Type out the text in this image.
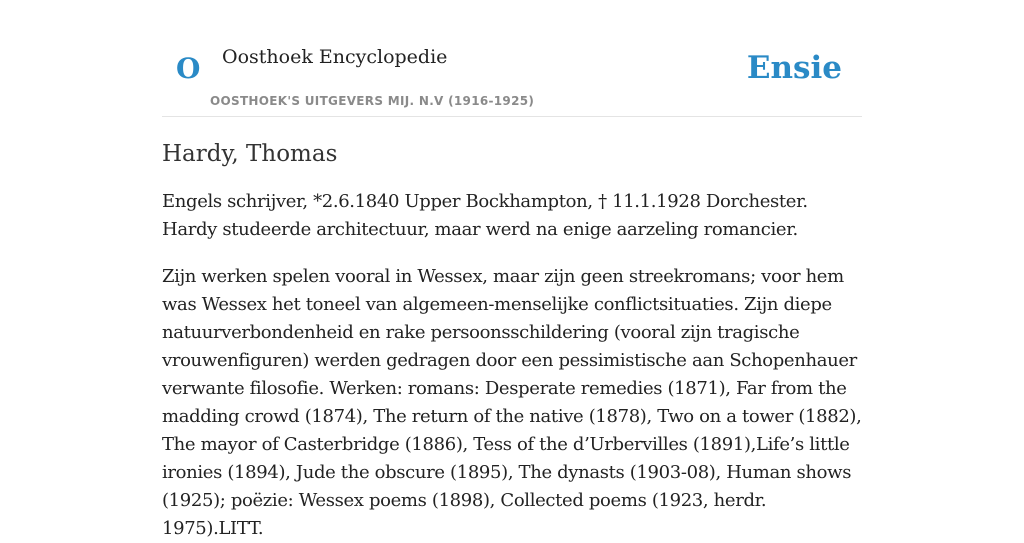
O Oosthoek Encyclopedie
OOSTHOEK'S UITGEVERS MIJ. N.V (1916-1925)
Ensie
Hardy, Thomas

Engels schrijver, *2.6.1840 Upper Bockhampton, † 11.1.1928 Dorchester. Hardy studeerde architectuur, maar werd na enige aarzeling romancier.

Zijn werken spelen vooral in Wessex, maar zijn geen streekromans; voor hem was Wessex het toneel van algemeen-menselijke conflictsituaties. Zijn diepe natuurverbondenheid en rake persoonsschildering (vooral zijn tragische vrouwenfiguren) werden gedragen door een pessimistische aan Schopenhauer verwante filosofie. Werken: romans: Desperate remedies (1871), Far from the madding crowd (1874), The return of the native (1878), Two on a tower (1882), The mayor of Casterbridge (1886), Tess of the d’Urbervilles (1891),Life’s little ironies (1894), Jude the obscure (1895), The dynasts (1903-08), Human shows (1925); poëzie: Wessex poems (1898), Collected poems (1923, herdr. 1975).LITT.
